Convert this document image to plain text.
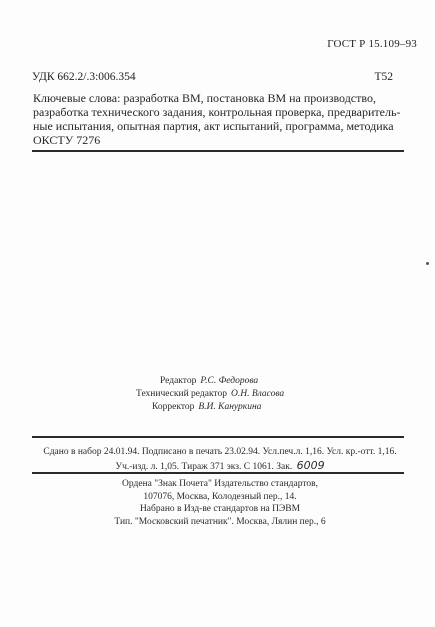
ГОСТ Р 15.109–93
УДК 662.2/.3:006.354	Т52
Ключевые слова: разработка ВМ, постановка ВМ на производство,
разработка технического задания, контрольная проверка, предваритель-
ные испытания, опытная партия, акт испытаний, программа, методика
ОКСТУ 7276
Редактор Р.С. Федорова
Технический редактор О.Н. Власова
Корректор В.И. Кануркина
Сдано в набор 24.01.94. Подписано в печать 23.02.94. Усл.печ.л. 1,16. Усл. кр.-отт. 1,16.
Уч.-изд. л. 1,05. Тираж 371 экз. С 1061. Зак. 6009
Ордена "Знак Почета" Издательство стандартов,
107076, Москва, Колодезный пер., 14.
Набрано в Изд-ве стандартов на ПЭВМ
Тип. "Московский печатник". Москва, Лялин пер., 6
